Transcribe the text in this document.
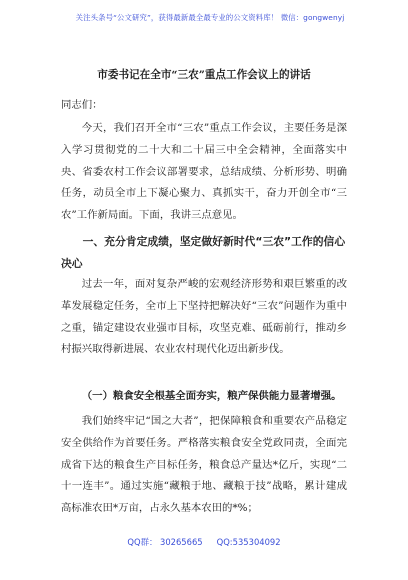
关注头条号“公文研究”，获得最新最全最专业的公文资料库！ 微信：gongwenyj
市委书记在全市“三农”重点工作会议上的讲话
同志们：

今天，我们召开全市“三农”重点工作会议，主要任务是深入学习贯彻党的二十大和二十届三中全会精神，全面落实中央、省委农村工作会议部署要求，总结成绩、分析形势、明确任务，动员全市上下凝心聚力、真抓实干，奋力开创全市“三农”工作新局面。下面，我讲三点意见。

一、充分肯定成绩，坚定做好新时代“三农”工作的信心决心

过去一年，面对复杂严峻的宏观经济形势和艰巨繁重的改革发展稳定任务，全市上下坚持把解决好“三农”问题作为重中之重，锚定建设农业强市目标，攻坚克难、砥砺前行，推动乡村振兴取得新进展、农业农村现代化迈出新步伐。

（一）粮食安全根基全面夯实，粮产保供能力显著增强。

我们始终牢记“国之大者”，把保障粮食和重要农产品稳定安全供给作为首要任务。严格落实粮食安全党政同责，全面完成省下达的粮食生产目标任务，粮食总产量达*亿斤，实现“二十一连丰”。通过实施“藏粮于地、藏粮于技”战略，累计建成高标准农田*万亩，占永久基本农田的*%；

QQ群： 30265665 QQ:535304092
